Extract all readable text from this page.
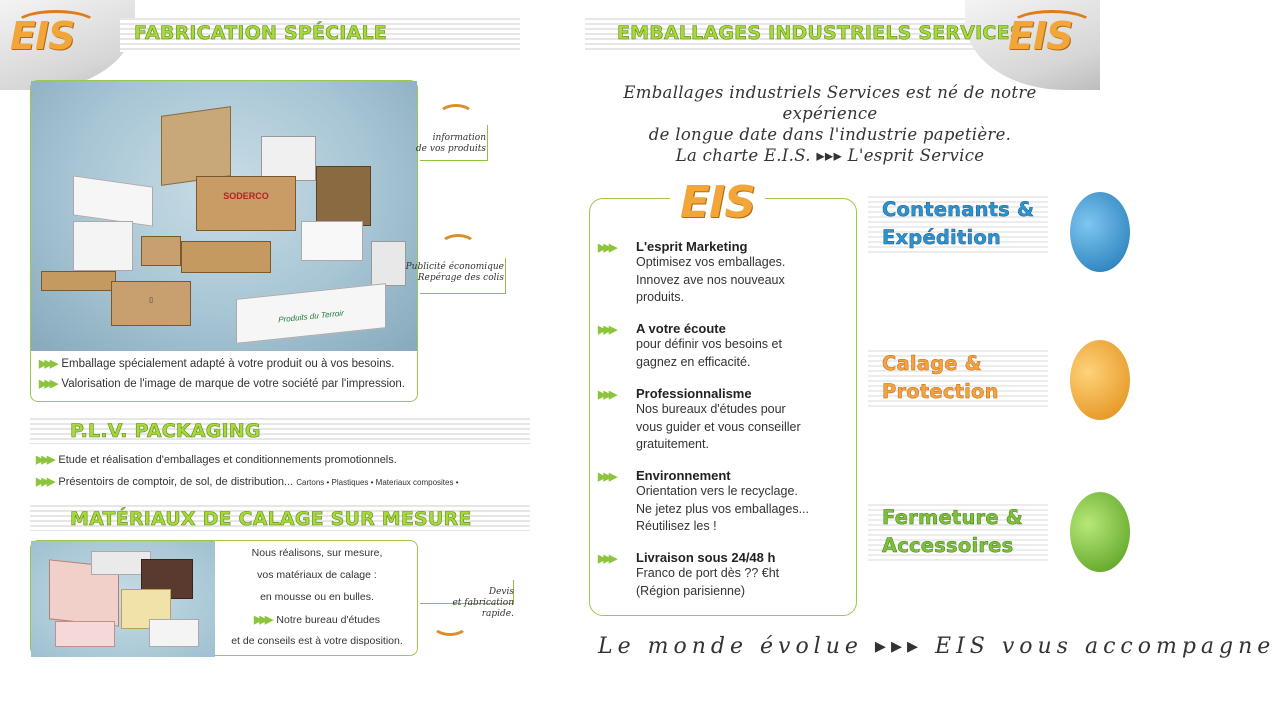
EIS	FABRICATION SPÉCIALE
SODERCO
▯
Produits du Terroir
▶▶▶ Emballage spécialement adapté à votre produit ou à vos besoins.
▶▶▶ Valorisation de l'image de marque de votre société par l'impression.
information
de vos produits
Publicité économique
Repérage des colis
P.L.V. PACKAGING
▶▶▶ Etude et réalisation d'emballages et conditionnements promotionnels.
▶▶▶ Présentoirs de comptoir, de sol, de distribution... Cartons • Plastiques • Materiaux composites •
MATÉRIAUX DE CALAGE SUR MESURE
Nous réalisons, sur mesure,
vos matériaux de calage :
en mousse ou en bulles.
▶▶▶ Notre bureau d'études
et de conseils est à votre disposition.
Devis
et fabrication rapide.
EMBALLAGES INDUSTRIELS SERVICES
EIS
Emballages industriels Services est né de notre expérience
de longue date dans l'industrie papetière.
La charte E.I.S. ▸▸▸ L'esprit Service
EIS
▶▶▶ L'esprit Marketing
Optimisez vos emballages.
Innovez ave nos nouveaux
produits.
▶▶▶ A votre écoute
pour définir vos besoins et
gagnez en efficacité.
▶▶▶ Professionnalisme
Nos bureaux d'études pour
vous guider et vous conseiller
gratuitement.
▶▶▶ Environnement
Orientation vers le recyclage.
Ne jetez plus vos emballages...
Réutilisez les !
▶▶▶ Livraison sous 24/48 h
Franco de port dès ?? €ht
(Région parisienne)
Contenants &
Expédition
Calage &
Protection
Fermeture &
Accessoires
Le monde évolue ▸▸▸ EIS vous accompagne
